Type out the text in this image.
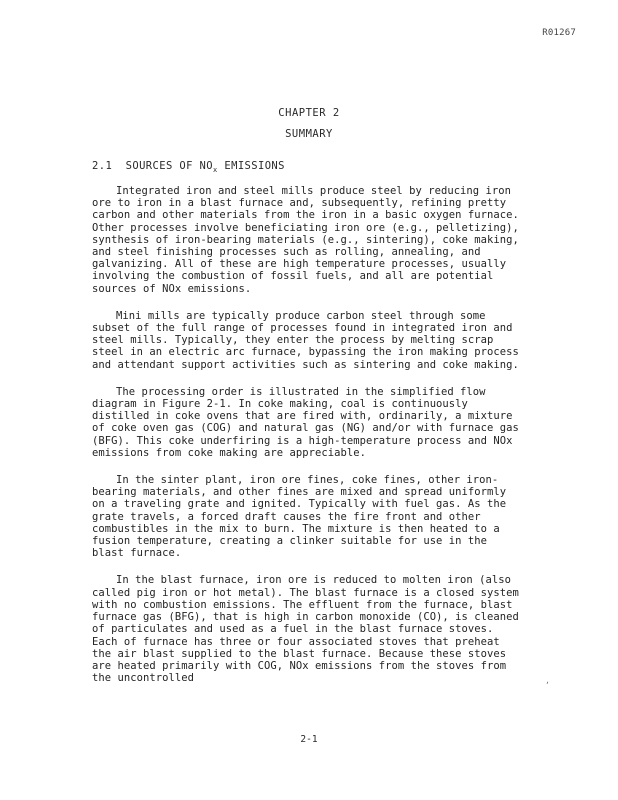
R01267
CHAPTER 2
SUMMARY
2.1 SOURCES OF $NO_x$ EMISSIONS

Integrated iron and steel mills produce steel by reducing iron ore to iron in a blast furnace and, subsequently, refining pretty carbon and other materials from the iron in a basic oxygen furnace. Other processes involve beneficiating iron ore (e.g., pelletizing), synthesis of iron-bearing materials (e.g., sintering), coke making, and steel finishing processes such as rolling, annealing, and galvanizing. All of these are high temperature processes, usually involving the combustion of fossil fuels, and all are potential sources of NOx emissions.

Mini mills are typically produce carbon steel through some subset of the full range of processes found in integrated iron and steel mills. Typically, they enter the process by melting scrap steel in an electric arc furnace, bypassing the iron making process and attendant support activities such as sintering and coke making.

The processing order is illustrated in the simplified flow diagram in Figure 2-1. In coke making, coal is continuously distilled in coke ovens that are fired with, ordinarily, a mixture of coke oven gas (COG) and natural gas (NG) and/or with furnace gas (BFG). This coke underfiring is a high-temperature process and NOx emissions from coke making are appreciable.

In the sinter plant, iron ore fines, coke fines, other iron-bearing materials, and other fines are mixed and spread uniformly on a traveling grate and ignited. Typically with fuel gas. As the grate travels, a forced draft causes the fire front and other combustibles in the mix to burn. The mixture is then heated to a fusion temperature, creating a clinker suitable for use in the blast furnace.

In the blast furnace, iron ore is reduced to molten iron (also called pig iron or hot metal). The blast furnace is a closed system with no combustion emissions. The effluent from the furnace, blast furnace gas (BFG), that is high in carbon monoxide (CO), is cleaned of particulates and used as a fuel in the blast furnace stoves. Each of furnace has three or four associated stoves that preheat the air blast supplied to the blast furnace. Because these stoves are heated primarily with COG, NOx emissions from the stoves from the uncontrolled	,
2-1
